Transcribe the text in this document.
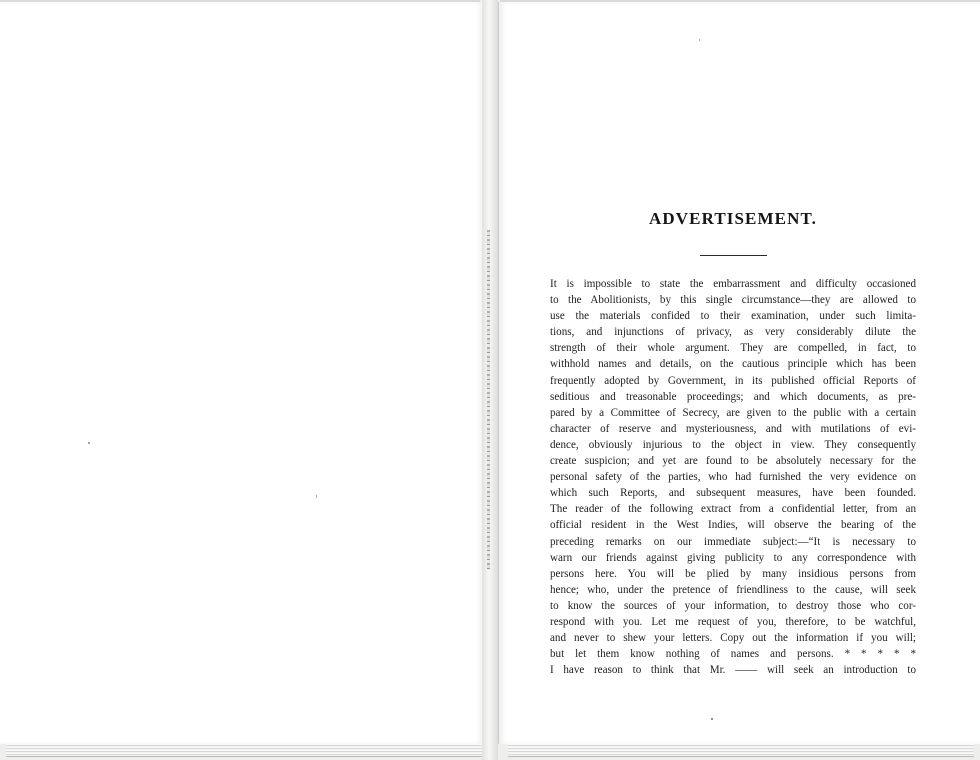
ADVERTISEMENT.
It is impossible to state the embarrassment and difficulty occasioned
to the Abolitionists, by this single circumstance—they are allowed to
use the materials confided to their examination, under such limita-
tions, and injunctions of privacy, as very considerably dilute the
strength of their whole argument. They are compelled, in fact, to
withhold names and details, on the cautious principle which has been
frequently adopted by Government, in its published official Reports of
seditious and treasonable proceedings; and which documents, as pre-
pared by a Committee of Secrecy, are given to the public with a certain
character of reserve and mysteriousness, and with mutilations of evi-
dence, obviously injurious to the object in view. They consequently
create suspicion; and yet are found to be absolutely necessary for the
personal safety of the parties, who had furnished the very evidence on
which such Reports, and subsequent measures, have been founded.
The reader of the following extract from a confidential letter, from an
official resident in the West Indies, will observe the bearing of the
preceding remarks on our immediate subject:—“It is necessary to
warn our friends against giving publicity to any correspondence with
persons here. You will be plied by many insidious persons from
hence; who, under the pretence of friendliness to the cause, will seek
to know the sources of your information, to destroy those who cor-
respond with you. Let me request of you, therefore, to be watchful,
and never to shew your letters. Copy out the information if you will;
but let them know nothing of names and persons. * * * * *
I have reason to think that Mr. —— will seek an introduction to
